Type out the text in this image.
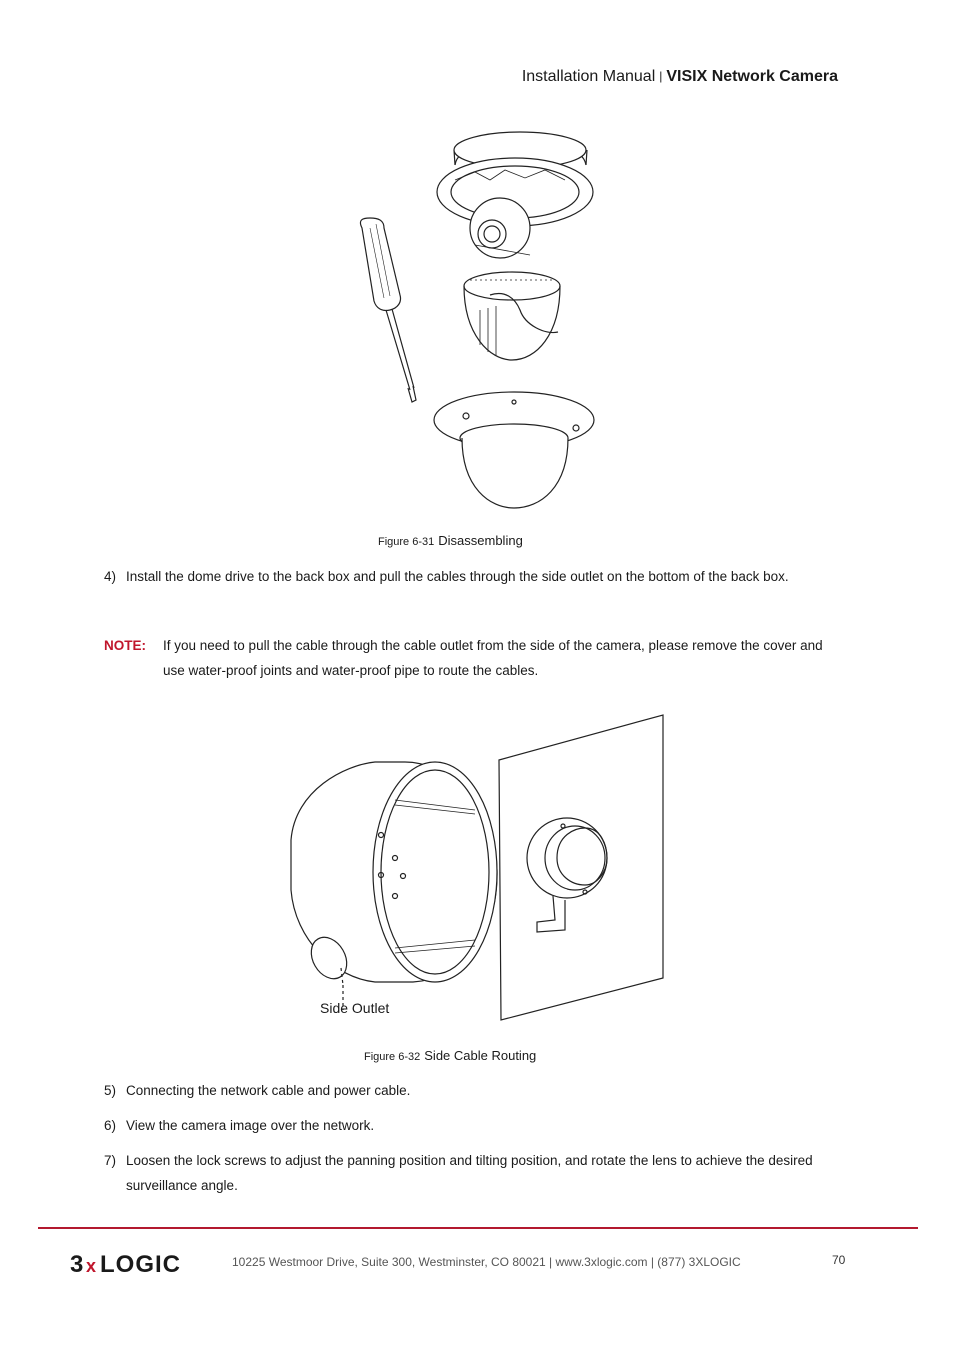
Installation Manual | VISIX Network Camera
Figure 6-31 Disassembling
4) Install the dome drive to the back box and pull the cables through the side outlet on the bottom of the back box.
NOTE:	If you need to pull the cable through the cable outlet from the side of the camera, please remove the cover and use water-proof joints and water-proof pipe to route the cables.
Side Outlet
Figure 6-32 Side Cable Routing
5) Connecting the network cable and power cable.
6) View the camera image over the network.
7) Loosen the lock screws to adjust the panning position and tilting position, and rotate the lens to achieve the desired surveillance angle.
3 x LOGIC	10225 Westmoor Drive, Suite 300, Westminster, CO 80021 | www.3xlogic.com | (877) 3XLOGIC	70
